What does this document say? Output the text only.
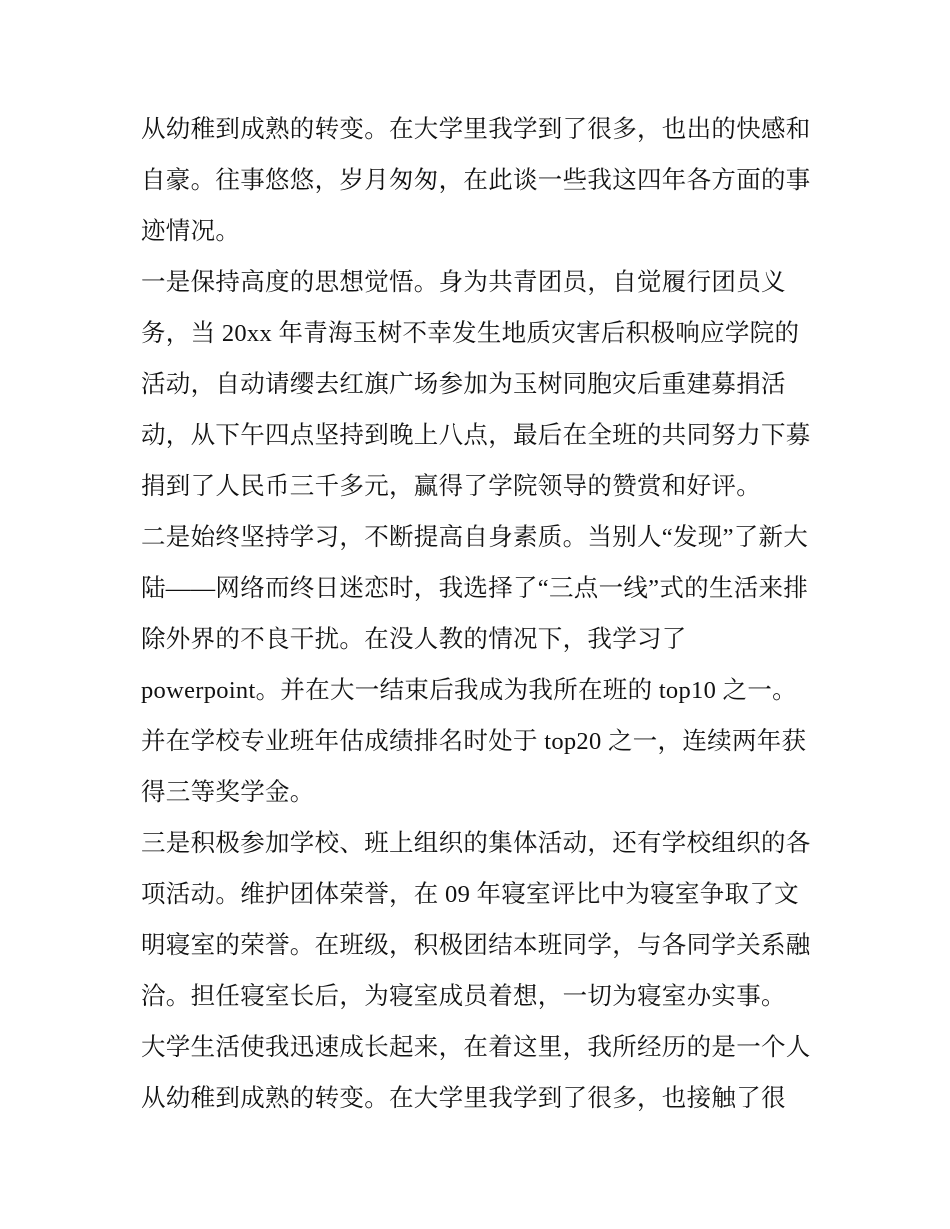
从幼稚到成熟的转变。在大学里我学到了很多，也出的快感和
自豪。往事悠悠，岁月匆匆，在此谈一些我这四年各方面的事
迹情况。
一是保持高度的思想觉悟。身为共青团员，自觉履行团员义
务，当 20xx 年青海玉树不幸发生地质灾害后积极响应学院的
活动，自动请缨去红旗广场参加为玉树同胞灾后重建募捐活
动，从下午四点坚持到晚上八点，最后在全班的共同努力下募
捐到了人民币三千多元，赢得了学院领导的赞赏和好评。
二是始终坚持学习，不断提高自身素质。当别人“发现”了新大
陆——网络而终日迷恋时，我选择了“三点一线”式的生活来排
除外界的不良干扰。在没人教的情况下，我学习了
powerpoint。并在大一结束后我成为我所在班的 top10 之一。
并在学校专业班年估成绩排名时处于 top20 之一，连续两年获
得三等奖学金。
三是积极参加学校、班上组织的集体活动，还有学校组织的各
项活动。维护团体荣誉，在 09 年寝室评比中为寝室争取了文
明寝室的荣誉。在班级，积极团结本班同学，与各同学关系融
洽。担任寝室长后，为寝室成员着想，一切为寝室办实事。
大学生活使我迅速成长起来，在着这里，我所经历的是一个人
从幼稚到成熟的转变。在大学里我学到了很多，也接触了很
